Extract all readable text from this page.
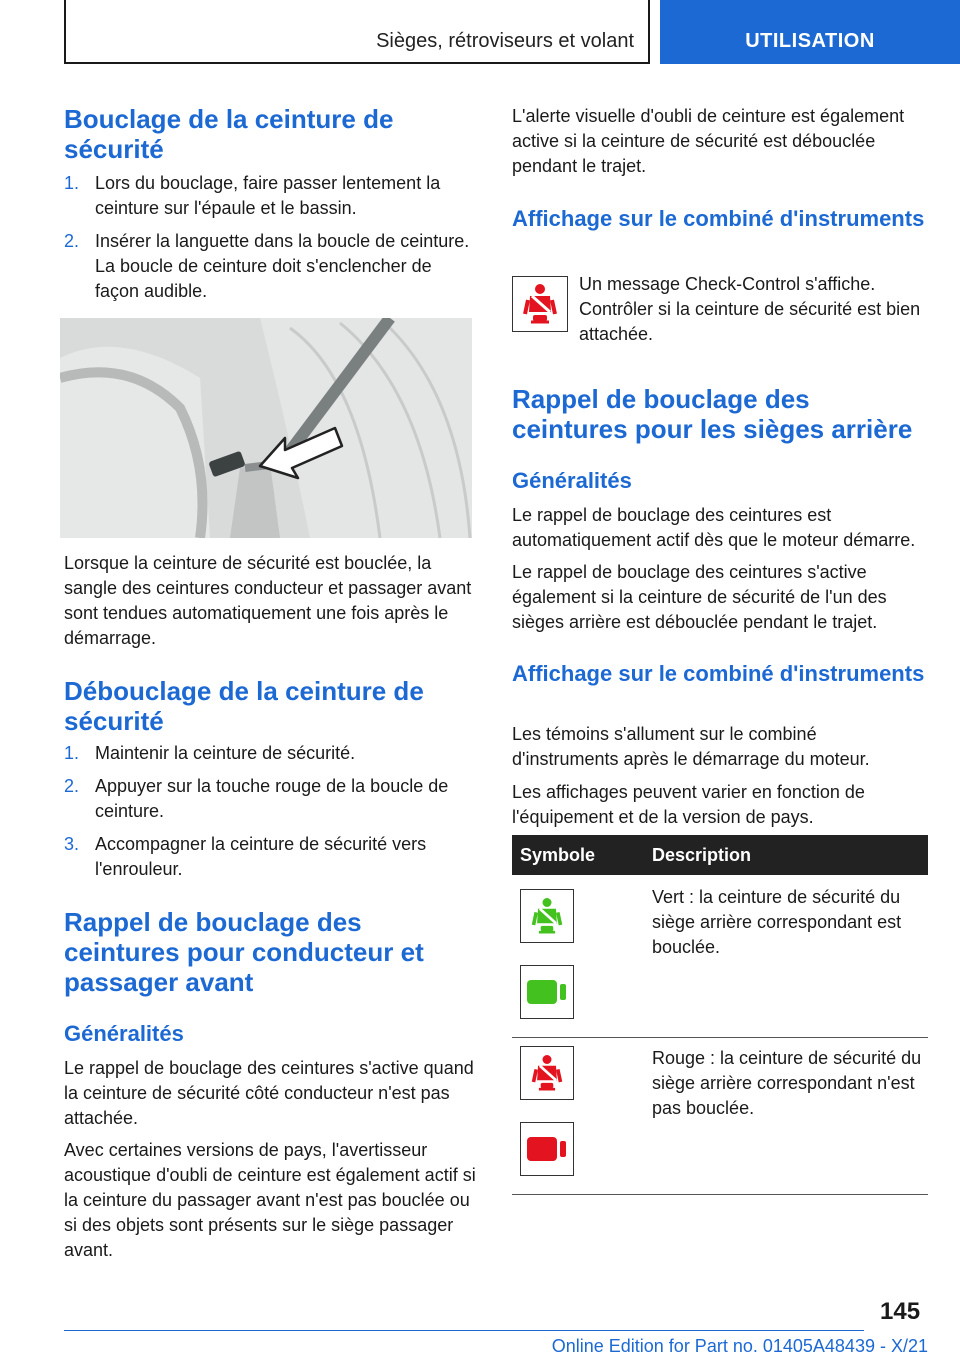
Sièges, rétroviseurs et volant	UTILISATION
Bouclage de la ceinture de sécurité
1. Lors du bouclage, faire passer lentement la ceinture sur l'épaule et le bassin.
2. Insérer la languette dans la boucle de ceinture. La boucle de ceinture doit s'enclencher de façon audible.

Lorsque la ceinture de sécurité est bouclée, la sangle des ceintures conducteur et passager avant sont tendues automatiquement une fois après le démarrage.

Débouclage de la ceinture de sécurité
1. Maintenir la ceinture de sécurité.
2. Appuyer sur la touche rouge de la boucle de ceinture.
3. Accompagner la ceinture de sécurité vers l'enrouleur.
Rappel de bouclage des ceintures pour conducteur et passager avant
Généralités

Le rappel de bouclage des ceintures s'active quand la ceinture de sécurité côté conducteur n'est pas attachée.

Avec certaines versions de pays, l'avertisseur acoustique d'oubli de ceinture est également actif si la ceinture du passager avant n'est pas bouclée ou si des objets sont présents sur le siège passager avant.

L'alerte visuelle d'oubli de ceinture est également active si la ceinture de sécurité est débouclée pendant le trajet.

Affichage sur le combiné d'instruments

Un message Check-Control s'affiche. Contrôler si la ceinture de sécurité est bien attachée.

Rappel de bouclage des ceintures pour les sièges arrière
Généralités

Le rappel de bouclage des ceintures est automatiquement actif dès que le moteur démarre.

Le rappel de bouclage des ceintures s'active également si la ceinture de sécurité de l'un des sièges arrière est débouclée pendant le trajet.

Affichage sur le combiné d'instruments

Les témoins s'allument sur le combiné d'instruments après le démarrage du moteur.

Les affichages peuvent varier en fonction de l'équipement et de la version de pays.

Symbole	Description

	Vert : la ceinture de sécurité du siège arrière correspondant est bouclée.

	Rouge : la ceinture de sécurité du siège arrière correspondant n'est pas bouclée.
145
Online Edition for Part no. 01405A48439 - X/21
